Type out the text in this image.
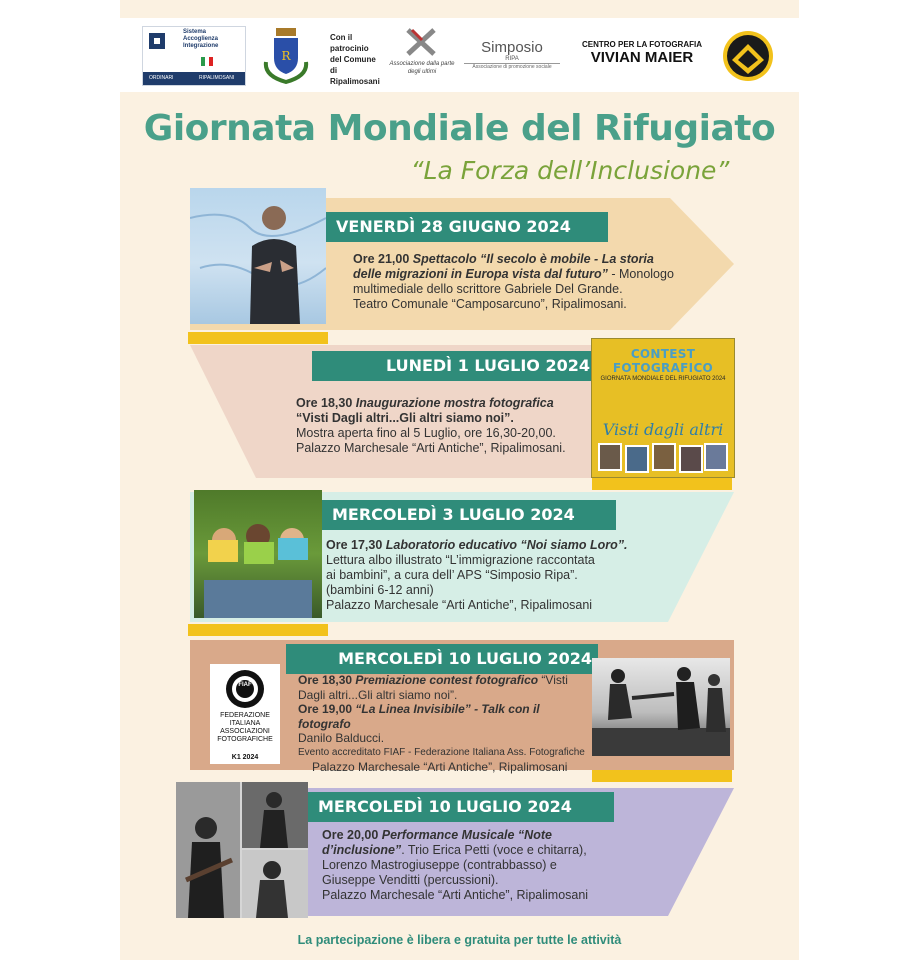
Sistema
Accoglienza
Integrazione
ORDINARI	RIPALIMOSANI
R
Con il patrocinio del Comune di Ripalimosani
Associazione dalla parte degli ultimi
Simposio
RIPA
Associazione di promozione sociale
CENTRO PER LA FOTOGRAFIA
VIVIAN MAIER
Giornata Mondiale del Rifugiato
“La Forza dell’Inclusione”
VENERDÌ 28 GIUGNO 2024
Ore 21,00 Spettacolo “Il secolo è mobile - La storia
delle migrazioni in Europa vista dal futuro” - Monologo
multimediale dello scrittore Gabriele Del Grande.
Teatro Comunale “Camposarcuno”, Ripalimosani.
LUNEDÌ 1 LUGLIO 2024
Ore 18,30 Inaugurazione mostra fotografica
“Visti Dagli altri...Gli altri siamo noi”.
Mostra aperta fino al 5 Luglio, ore 16,30-20,00.
Palazzo Marchesale “Arti Antiche”, Ripalimosani.
CONTEST FOTOGRAFICO
GIORNATA MONDIALE DEL RIFUGIATO 2024
Visti dagli altri
MERCOLEDÌ 3 LUGLIO 2024
Ore 17,30 Laboratorio educativo “Noi siamo Loro”.
Lettura albo illustrato “L’immigrazione raccontata
ai bambini”, a cura dell’ APS “Simposio Ripa”.
(bambini 6-12 anni)
Palazzo Marchesale “Arti Antiche”, Ripalimosani
FIAF
FEDERAZIONE
ITALIANA
ASSOCIAZIONI
FOTOGRAFICHE
K1 2024
MERCOLEDÌ 10 LUGLIO 2024
Ore 18,30 Premiazione contest fotografico “Visti
Dagli altri...Gli altri siamo noi”.
Ore 19,00 “La Linea Invisibile” - Talk con il fotografo
Danilo Balducci.
Evento accreditato FIAF - Federazione Italiana Ass. Fotografiche
Palazzo Marchesale “Arti Antiche”, Ripalimosani
MERCOLEDÌ 10 LUGLIO 2024
Ore 20,00 Performance Musicale “Note
d’inclusione”. Trio Erica Petti (voce e chitarra),
Lorenzo Mastrogiuseppe (contrabbasso) e
Giuseppe Venditti (percussioni).
Palazzo Marchesale “Arti Antiche”, Ripalimosani
La partecipazione è libera e gratuita per tutte le attività
